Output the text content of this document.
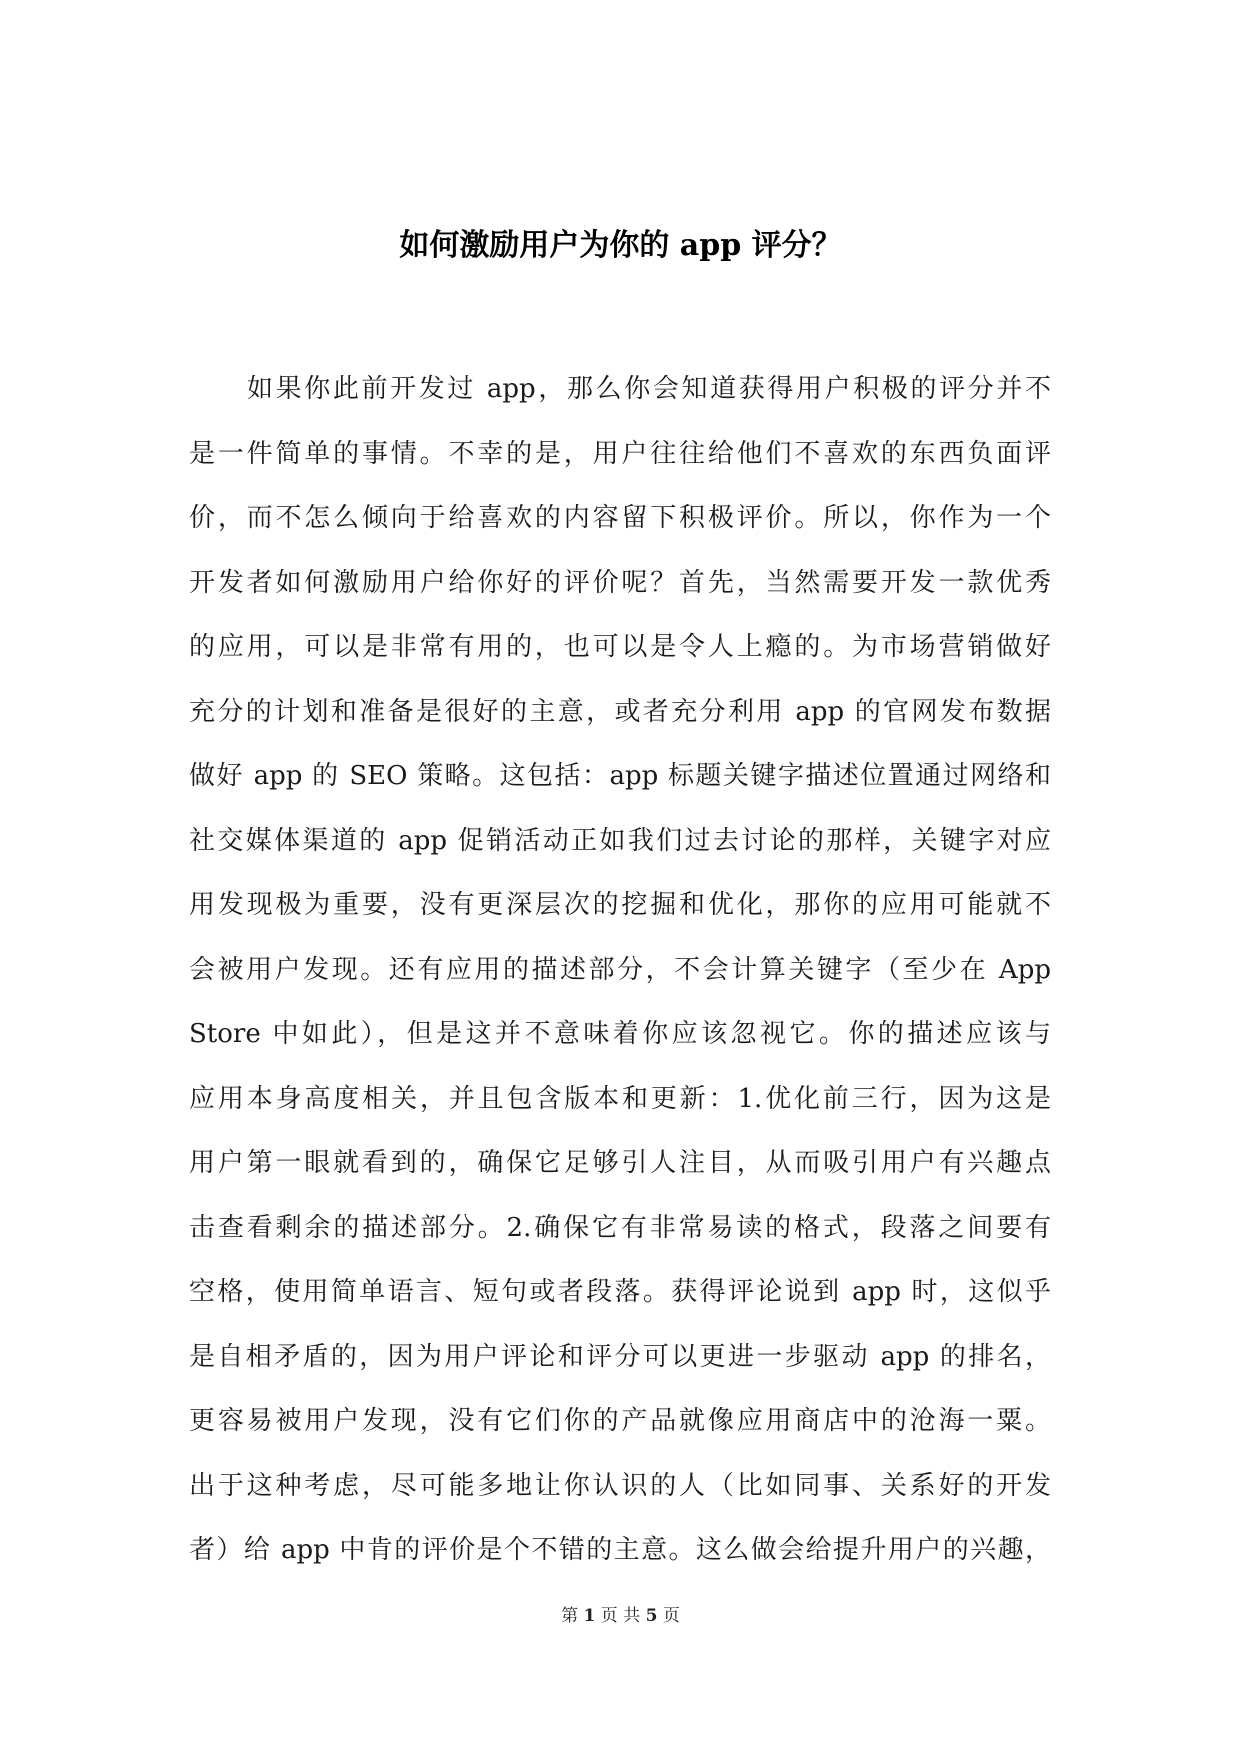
如何激励用户为你的 app 评分？
如果你此前开发过 app，那么你会知道获得用户积极的评分并不
是一件简单的事情。不幸的是，用户往往给他们不喜欢的东西负面评
价，而不怎么倾向于给喜欢的内容留下积极评价。所以，你作为一个
开发者如何激励用户给你好的评价呢？首先，当然需要开发一款优秀
的应用，可以是非常有用的，也可以是令人上瘾的。为市场营销做好
充分的计划和准备是很好的主意，或者充分利用 app 的官网发布数据
做好 app 的 SEO 策略。这包括：app 标题关键字描述位置通过网络和
社交媒体渠道的 app 促销活动正如我们过去讨论的那样，关键字对应
用发现极为重要，没有更深层次的挖掘和优化，那你的应用可能就不
会被用户发现。还有应用的描述部分，不会计算关键字（至少在 App
Store 中如此），但是这并不意味着你应该忽视它。你的描述应该与
应用本身高度相关，并且包含版本和更新：1.优化前三行，因为这是
用户第一眼就看到的，确保它足够引人注目，从而吸引用户有兴趣点
击查看剩余的描述部分。2.确保它有非常易读的格式，段落之间要有
空格，使用简单语言、短句或者段落。获得评论说到 app 时，这似乎
是自相矛盾的，因为用户评论和评分可以更进一步驱动 app 的排名，
更容易被用户发现，没有它们你的产品就像应用商店中的沧海一粟。
出于这种考虑，尽可能多地让你认识的人（比如同事、关系好的开发
者）给 app 中肯的评价是个不错的主意。这么做会给提升用户的兴趣，
第 1 页 共 5 页
